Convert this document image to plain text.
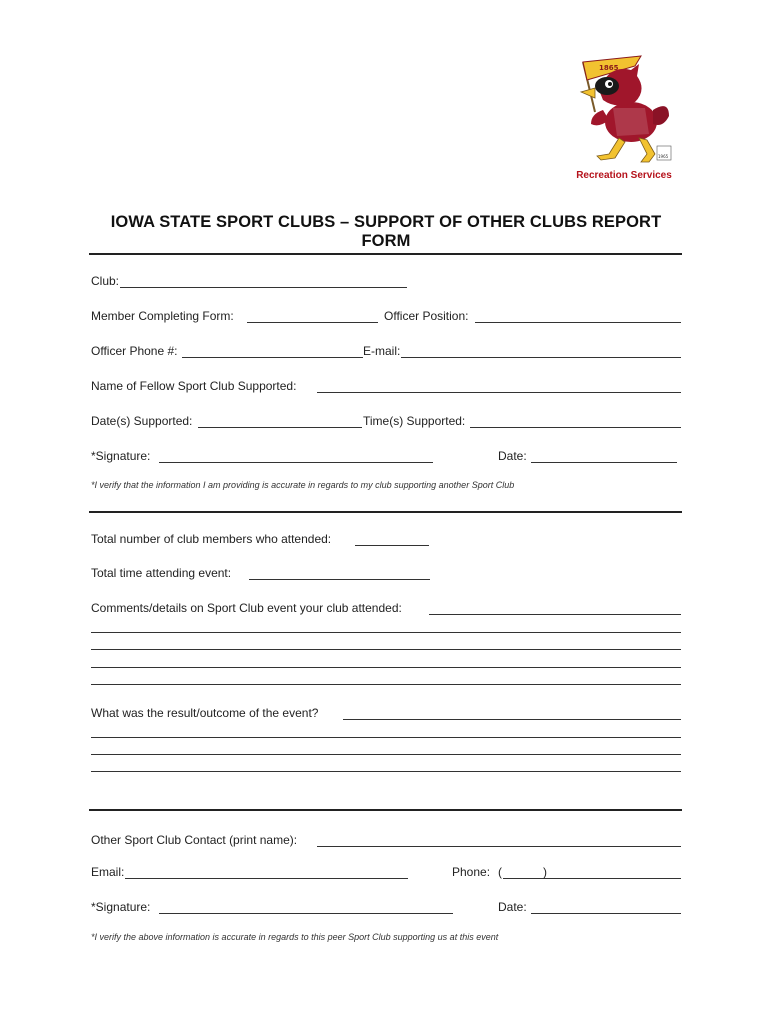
1865
1965
Recreation Services
IOWA STATE SPORT CLUBS – SUPPORT OF OTHER CLUBS REPORT FORM
Club:
Member Completing Form:	Officer Position:
Officer Phone #:	E-mail:
Name of Fellow Sport Club Supported:
Date(s) Supported:	Time(s) Supported:
*Signature:	Date:
*I verify that the information I am providing is accurate in regards to my club supporting another Sport Club
Total number of club members who attended:
Total time attending event:
Comments/details on Sport Club event your club attended:
What was the result/outcome of the event?
Other Sport Club Contact (print name):
Email:	Phone: (	)
*Signature:	Date:
*I verify the above information is accurate in regards to this peer Sport Club supporting us at this event
